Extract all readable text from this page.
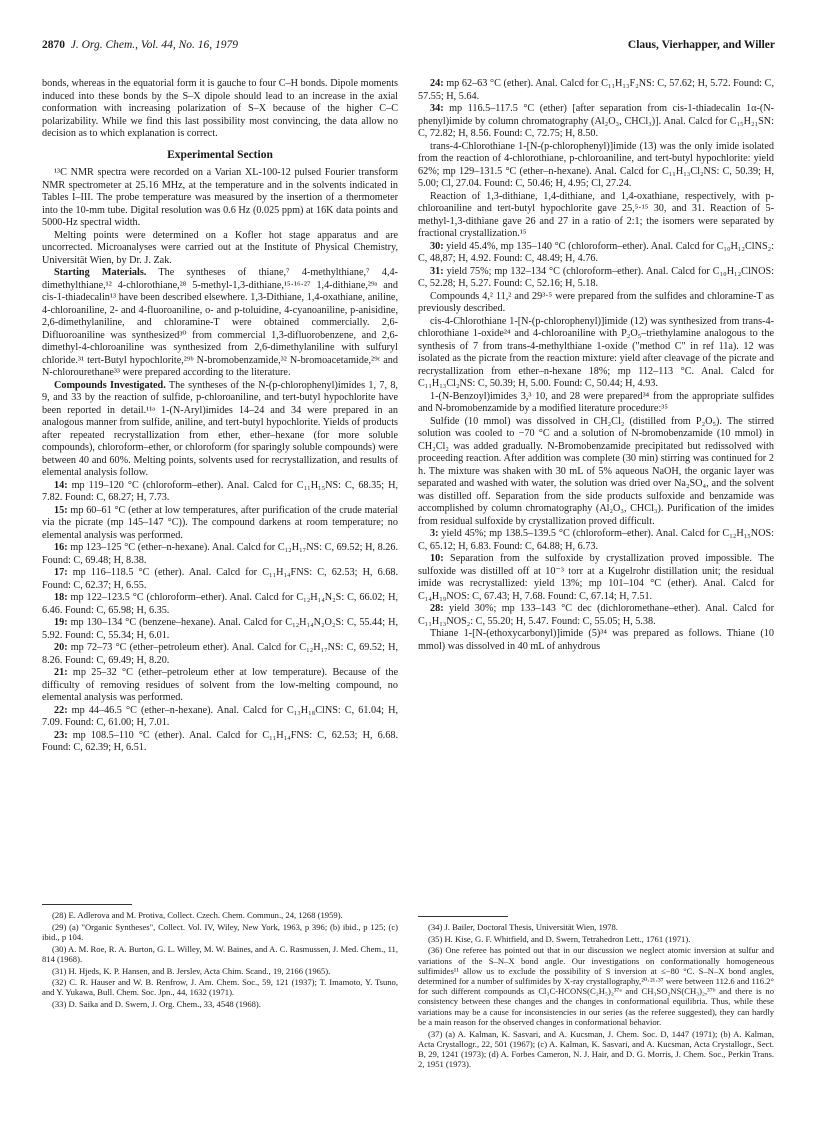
2870 J. Org. Chem., Vol. 44, No. 16, 1979	Claus, Vierhapper, and Willer

bonds, whereas in the equatorial form it is gauche to four C–H bonds. Dipole moments induced into these bonds by the S–X dipole should lead to an increase in the axial conformation with increasing polarization of S–X because of the higher C–C polarizability. While we find this last possibility most convincing, the data allow no decision as to which explanation is correct.

Experimental Section

¹³C NMR spectra were recorded on a Varian XL-100-12 pulsed Fourier transform NMR spectrometer at 25.16 MHz, at the temperature and in the solvents indicated in Tables I–III. The probe temperature was measured by the insertion of a thermometer into the 10-mm tube. Digital resolution was 0.6 Hz (0.025 ppm) at 16K data points and 5000-Hz spectral width.

Melting points were determined on a Kofler hot stage apparatus and are uncorrected. Microanalyses were carried out at the Institute of Physical Chemistry, Universität Wien, by Dr. J. Zak.

Starting Materials. The syntheses of thiane,⁷ 4-methylthiane,⁷ 4,4-dimethylthiane,¹² 4-chlorothiane,²⁸ 5-methyl-1,3-dithiane,¹⁵·¹⁶·²⁷ 1,4-dithiane,²⁹ᵃ and cis-1-thiadecalin¹³ have been described elsewhere. 1,3-Dithiane, 1,4-oxathiane, aniline, 4-chloroaniline, 2- and 4-fluoroaniline, o- and p-toluidine, 4-cyanoaniline, p-anisidine, 2,6-dimethylaniline, and chloramine-T were obtained commercially. 2,6-Difluoroaniline was synthesized³⁰ from commercial 1,3-difluorobenzene, and 2,6-dimethyl-4-chloroaniline was synthesized from 2,6-dimethylaniline with sulfuryl chloride.³¹ tert-Butyl hypochlorite,²⁹ᵇ N-bromobenzamide,³² N-bromoacetamide,²⁹ᶜ and N-chlorourethane³³ were prepared according to the literature.

Compounds Investigated. The syntheses of the N-(p-chlorophenyl)imides 1, 7, 8, 9, and 33 by the reaction of sulfide, p-chloroaniline, and tert-butyl hypochlorite have been reported in detail.¹¹ᵃ 1-(N-Aryl)imides 14–24 and 34 were prepared in an analogous manner from sulfide, aniline, and tert-butyl hypochlorite. Yields of products after repeated recrystallization from ether, ether–hexane (for more soluble compounds), chloroform–ether, or chloroform (for sparingly soluble compounds) were between 40 and 60%. Melting points, solvents used for recrystallization, and results of elemental analysis follow.

14: mp 119–120 °C (chloroform–ether). Anal. Calcd for C₁₁H₁₅NS: C, 68.35; H, 7.82. Found: C, 68.27; H, 7.73.

15: mp 60–61 °C (ether at low temperatures, after purification of the crude material via the picrate (mp 145–147 °C)). The compound darkens at room temperature; no elemental analysis was performed.

16: mp 123–125 °C (ether–n-hexane). Anal. Calcd for C₁₂H₁₇NS: C, 69.52; H, 8.26. Found: C, 69.48; H, 8.38.

17: mp 116–118.5 °C (ether). Anal. Calcd for C₁₁H₁₄FNS: C, 62.53; H, 6.68. Found: C, 62.37; H, 6.55.

18: mp 122–123.5 °C (chloroform–ether). Anal. Calcd for C₁₂H₁₄N₂S: C, 66.02; H, 6.46. Found: C, 65.98; H, 6.35.

19: mp 130–134 °C (benzene–hexane). Anal. Calcd for C₁₂H₁₄N₂O₂S: C, 55.44; H, 5.92. Found: C, 55.34; H, 6.01.

20: mp 72–73 °C (ether–petroleum ether). Anal. Calcd for C₁₂H₁₇NS: C, 69.52; H, 8.26. Found: C, 69.49; H, 8.20.

21: mp 25–32 °C (ether–petroleum ether at low temperature). Because of the difficulty of removing residues of solvent from the low-melting compound, no elemental analysis was performed.

22: mp 44–46.5 °C (ether–n-hexane). Anal. Calcd for C₁₃H₁₈ClNS: C, 61.04; H, 7.09. Found: C, 61.00; H, 7.01.

23: mp 108.5–110 °C (ether). Anal. Calcd for C₁₁H₁₄FNS: C, 62.53; H, 6.68. Found: C, 62.39; H, 6.51.

(28) E. Adlerova and M. Protiva, Collect. Czech. Chem. Commun., 24, 1268 (1959).

(29) (a) "Organic Syntheses", Collect. Vol. IV, Wiley, New York, 1963, p 396; (b) ibid., p 125; (c) ibid., p 104.

(30) A. M. Roe, R. A. Burton, G. L. Willey, M. W. Baines, and A. C. Rasmussen, J. Med. Chem., 11, 814 (1968).

(31) H. Hjeds, K. P. Hansen, and B. Jerslev, Acta Chim. Scand., 19, 2166 (1965).

(32) C. R. Hauser and W. B. Renfrow, J. Am. Chem. Soc., 59, 121 (1937); T. Imamoto, Y. Tsuno, and Y. Yukawa, Bull. Chem. Soc. Jpn., 44, 1632 (1971).

(33) D. Saika and D. Swern, J. Org. Chem., 33, 4548 (1968).

24: mp 62–63 °C (ether). Anal. Calcd for C₁₁H₁₃F₂NS: C, 57.62; H, 5.72. Found: C, 57.55; H, 5.64.

34: mp 116.5–117.5 °C (ether) [after separation from cis-1-thiadecalin 1α-(N-phenyl)imide by column chromatography (Al₂O₃, CHCl₃)]. Anal. Calcd for C₁₅H₂₁SN: C, 72.82; H, 8.56. Found: C, 72.75; H, 8.50.

trans-4-Chlorothiane 1-[N-(p-chlorophenyl)]imide (13) was the only imide isolated from the reaction of 4-chlorothiane, p-chloroaniline, and tert-butyl hypochlorite: yield 62%; mp 129–131.5 °C (ether–n-hexane). Anal. Calcd for C₁₁H₁₃Cl₂NS: C, 50.39; H, 5.00; Cl, 27.04. Found: C, 50.46; H, 4.95; Cl, 27.24.

Reaction of 1,3-dithiane, 1,4-dithiane, and 1,4-oxathiane, respectively, with p-chloroaniline and tert-butyl hypochlorite gave 25,⁵·¹⁵ 30, and 31. Reaction of 5-methyl-1,3-dithiane gave 26 and 27 in a ratio of 2:1; the isomers were separated by fractional crystallization.¹⁵

30: yield 45.4%, mp 135–140 °C (chloroform–ether). Anal. Calcd for C₁₀H₁₂ClNS₂: C, 48,87; H, 4.92. Found: C, 48.49; H, 4.76.

31: yield 75%; mp 132–134 °C (chloroform–ether). Anal. Calcd for C₁₀H₁₂ClNOS: C, 52.28; H, 5.27. Found: C, 52.16; H, 5.18.

Compounds 4,² 11,² and 29³·⁵ were prepared from the sulfides and chloramine-T as previously described.

cis-4-Chlorothiane 1-[N-(p-chlorophenyl)]imide (12) was synthesized from trans-4-chlorothiane 1-oxide²⁴ and 4-chloroaniline with P₂O₅–triethylamine analogous to the synthesis of 7 from trans-4-methylthiane 1-oxide ("method C" in ref 11a). 12 was isolated as the picrate from the reaction mixture: yield after cleavage of the picrate and recrystallization from ether–n-hexane 18%; mp 112–113 °C. Anal. Calcd for C₁₁H₁₃Cl₂NS: C, 50.39; H, 5.00. Found: C, 50.44; H, 4.93.

1-(N-Benzoyl)imides 3,³ 10, and 28 were prepared³⁴ from the appropriate sulfides and N-bromobenzamide by a modified literature procedure:³⁵

Sulfide (10 mmol) was dissolved in CH₂Cl₂ (distilled from P₂O₅). The stirred solution was cooled to −70 °C and a solution of N-bromobenzamide (10 mmol) in CH₂Cl₂ was added gradually. N-Bromobenzamide precipitated but redissolved with proceeding reaction. After addition was complete (30 min) stirring was continued for 2 h. The mixture was shaken with 30 mL of 5% aqueous NaOH, the organic layer was separated and washed with water, the solution was dried over Na₂SO₄, and the solvent was distilled off. Separation from the side products sulfoxide and benzamide was accomplished by column chromatography (Al₂O₃, CHCl₃). Purification of the imides from residual sulfoxide by crystallization proved difficult.

3: yield 45%; mp 138.5–139.5 °C (chloroform–ether). Anal. Calcd for C₁₂H₁₅NOS: C, 65.12; H, 6.83. Found: C, 64.88; H, 6.73.

10: Separation from the sulfoxide by crystallization proved impossible. The sulfoxide was distilled off at 10⁻³ torr at a Kugelrohr distillation unit; the residual imide was recrystallized: yield 13%; mp 101–104 °C (ether). Anal. Calcd for C₁₄H₁₉NOS: C, 67.43; H, 7.68. Found: C, 67.14; H, 7.51.

28: yield 30%; mp 133–143 °C dec (dichloromethane–ether). Anal. Calcd for C₁₁H₁₃NOS₂: C, 55.20; H, 5.47. Found: C, 55.05; H, 5.38.

Thiane 1-[N-(ethoxycarbonyl)]imide (5)³⁴ was prepared as follows. Thiane (10 mmol) was dissolved in 40 mL of anhydrous

(34) J. Bailer, Doctoral Thesis, Universität Wien, 1978.

(35) H. Kise, G. F. Whitfield, and D. Swern, Tetrahedron Lett., 1761 (1971).

(36) One referee has pointed out that in our discussion we neglect atomic inversion at sulfur and variations of the S–N–X bond angle. Our investigations on conformationally homogeneous sulfimides¹¹ allow us to exclude the possibility of S inversion at ≤−80 °C. S–N–X bond angles, determined for a number of sulfimides by X-ray crystallography,²⁰·²¹·³⁷ were between 112.6 and 116.2° for such different compounds as Cl₃C-HCONS(C₂H₅)₂³⁷ᵃ and CH₃SO₂NS(CH₃)₂,³⁷ᵇ and there is no consistency between these changes and the changes in conformational equilibria. Thus, while these variations may be a cause for inconsistencies in our series (as the referee suggested), they can hardly be a main reason for the observed changes in conformational behavior.

(37) (a) A. Kalman, K. Sasvari, and A. Kucsman, J. Chem. Soc. D, 1447 (1971); (b) A. Kalman, Acta Crystallogr., 22, 501 (1967); (c) A. Kalman, K. Sasvari, and A. Kucsman, Acta Crystallogr., Sect. B, 29, 1241 (1973); (d) A. Forbes Cameron, N. J. Hair, and D. G. Morris, J. Chem. Soc., Perkin Trans. 2, 1951 (1973).
